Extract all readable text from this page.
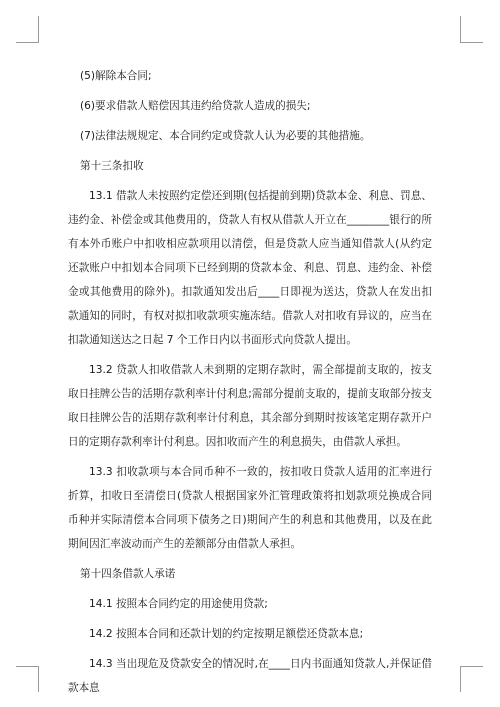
(5)解除本合同;

(6)要求借款人赔偿因其违约给贷款人造成的损失;

(7)法律法规规定、本合同约定或贷款人认为必要的其他措施。

第十三条扣收

13.1 借款人未按照约定偿还到期(包括提前到期)贷款本金、利息、罚息、违约金、补偿金或其他费用的，贷款人有权从借款人开立在________银行的所有本外币账户中扣收相应款项用以清偿，但是贷款人应当通知借款人(从约定还款账户中扣划本合同项下已经到期的贷款本金、利息、罚息、违约金、补偿金或其他费用的除外)。扣款通知发出后____日即视为送达，贷款人在发出扣款通知的同时，有权对拟扣收款项实施冻结。借款人对扣收有异议的，应当在扣款通知送达之日起 7 个工作日内以书面形式向贷款人提出。

13.2 贷款人扣收借款人未到期的定期存款时，需全部提前支取的，按支取日挂牌公告的活期存款利率计付利息;需部分提前支取的，提前支取部分按支取日挂牌公告的活期存款利率计付利息，其余部分到期时按该笔定期存款开户日的定期存款利率计付利息。因扣收而产生的利息损失，由借款人承担。

13.3 扣收款项与本合同币种不一致的，按扣收日贷款人适用的汇率进行折算，扣收日至清偿日(贷款人根据国家外汇管理政策将扣划款项兑换成合同币种并实际清偿本合同项下债务之日)期间产生的利息和其他费用，以及在此期间因汇率波动而产生的差额部分由借款人承担。

第十四条借款人承诺

14.1 按照本合同约定的用途使用贷款;

14.2 按照本合同和还款计划的约定按期足额偿还贷款本息;

14.3 当出现危及贷款安全的情况时,在____日内书面通知贷款人,并保证借款本息
